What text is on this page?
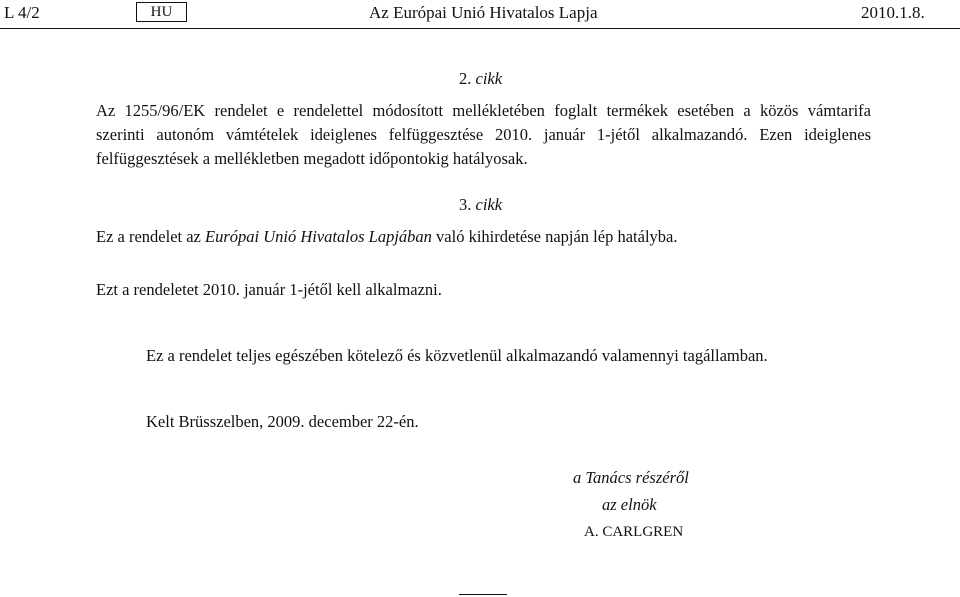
L 4/2	HU	Az Európai Unió Hivatalos Lapja	2010.1.8.
2. cikk
Az 1255/96/EK rendelet e rendelettel módosított mellékletében foglalt termékek esetében a közös vámtarifa
szerinti autonóm vámtételek ideiglenes felfüggesztése 2010. január 1-jétől alkalmazandó. Ezen ideiglenes
felfüggesztések a mellékletben megadott időpontokig hatályosak.
3. cikk
Ez a rendelet az Európai Unió Hivatalos Lapjában való kihirdetése napján lép hatályba.
Ezt a rendeletet 2010. január 1-jétől kell alkalmazni.
Ez a rendelet teljes egészében kötelező és közvetlenül alkalmazandó valamennyi tagállamban.
Kelt Brüsszelben, 2009. december 22-én.
a Tanács részéről
az elnök
A. CARLGREN
